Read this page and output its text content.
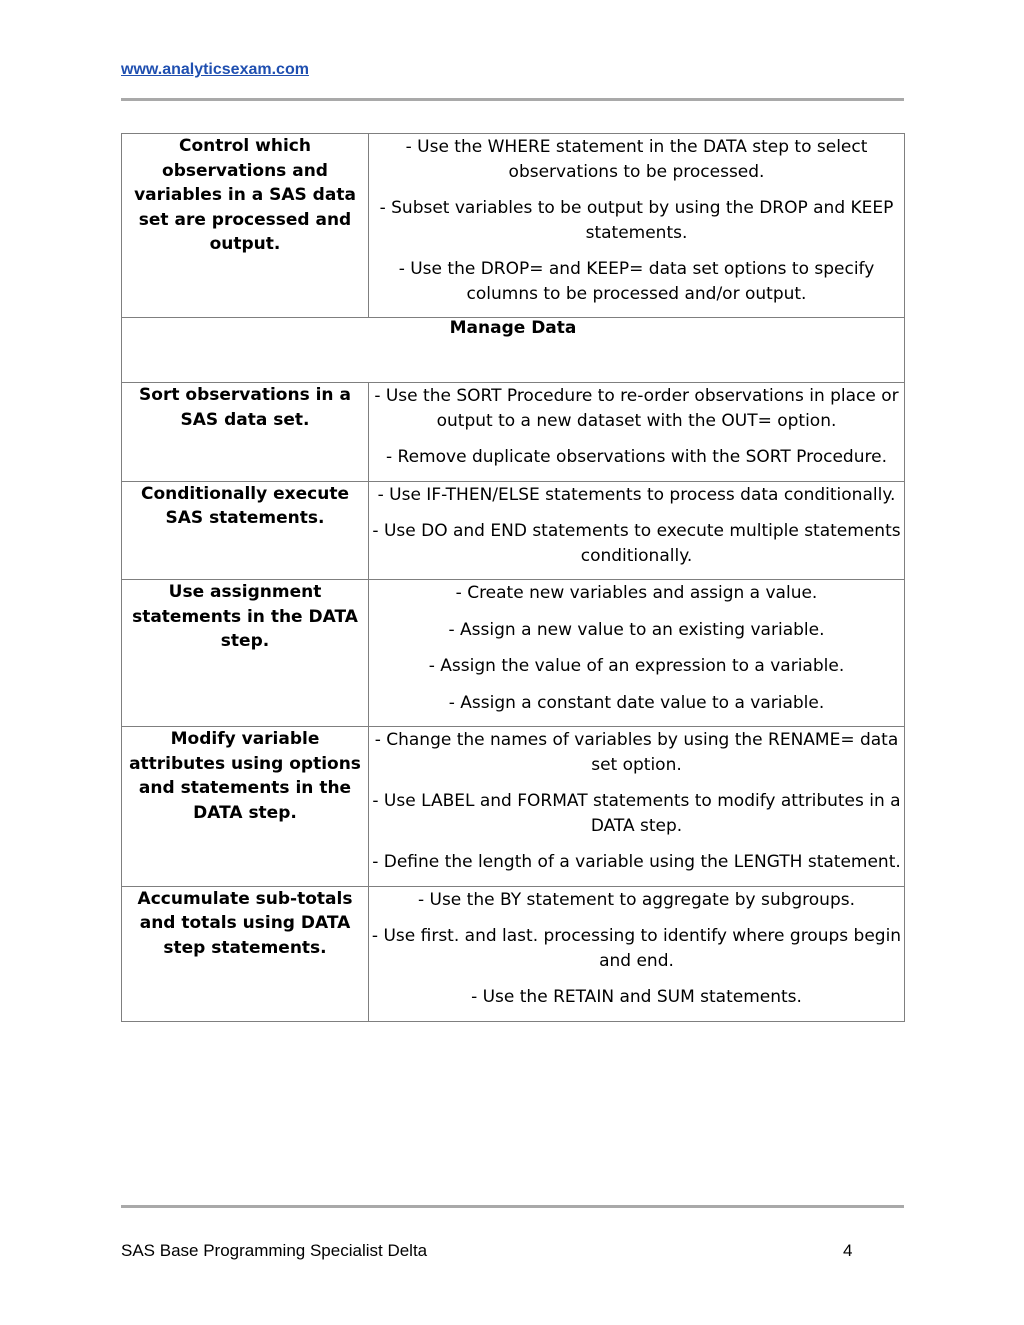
www.analyticsexam.com
Control which observations and variables in a SAS data set are processed and output.	- Use the WHERE statement in the DATA step to select observations to be processed.

- Subset variables to be output by using the DROP and KEEP statements.

- Use the DROP= and KEEP= data set options to specify columns to be processed and/or output.

Manage Data	

Sort observations in a SAS data set.	- Use the SORT Procedure to re-order observations in place or output to a new dataset with the OUT= option.

- Remove duplicate observations with the SORT Procedure.

Conditionally execute SAS statements.	- Use IF-THEN/ELSE statements to process data conditionally.

- Use DO and END statements to execute multiple statements conditionally.

Use assignment statements in the DATA step.	- Create new variables and assign a value.

- Assign a new value to an existing variable.

- Assign the value of an expression to a variable.

- Assign a constant date value to a variable.

Modify variable attributes using options and statements in the DATA step.	- Change the names of variables by using the RENAME= data set option.

- Use LABEL and FORMAT statements to modify attributes in a DATA step.

- Define the length of a variable using the LENGTH statement.

Accumulate sub-totals and totals using DATA step statements.	- Use the BY statement to aggregate by subgroups.

- Use first. and last. processing to identify where groups begin and end.

- Use the RETAIN and SUM statements.

SAS Base Programming Specialist Delta	4
